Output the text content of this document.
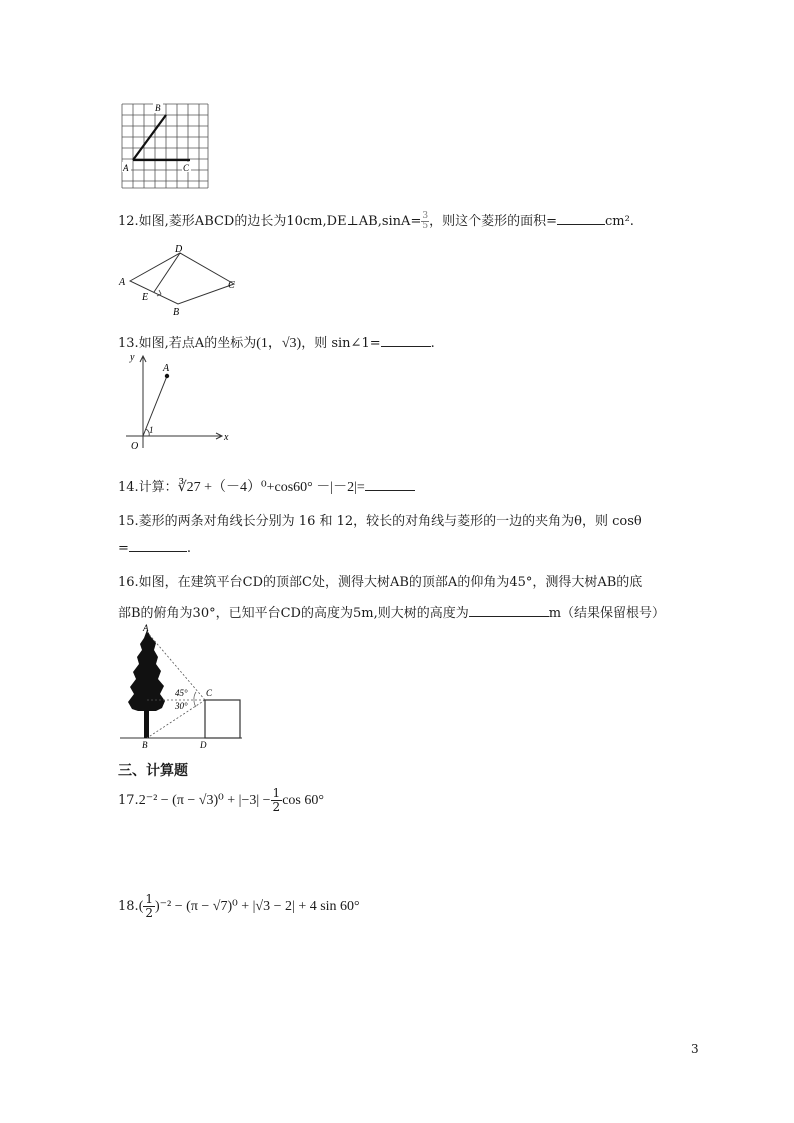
B
A	C
12.如图,菱形ABCD的边长为10cm,DE⊥AB,sinA= $\frac{3}{5}$ ，则这个菱形的面积=	cm².
D
A	C
E
B
13.如图,若点A的坐标为(1，√3)，则 sin∠1=	.
y
x
A
O
1
14.计算：∛27 +（－4）⁰+cos60° －|－2|=
15.菱形的两条对角线长分别为 16 和 12，较长的对角线与菱形的一边的夹角为θ，则 cosθ
=	.
16.如图，在建筑平台CD的顶部C处，测得大树AB的顶部A的仰角为45°，测得大树AB的底
部B的俯角为30°，已知平台CD的高度为5m,则大树的高度为	m（结果保留根号）
A
C
B	D
45°
30°
三、计算题
$17.2^{-2} - (\pi - √3)^0 + |-3| - \frac{1}{2}$ cos 60°
$18.( \frac{1}{2} )^{-2} - (\pi - √7)^0 + |√3 - 2| + 4$ sin 60°
3
